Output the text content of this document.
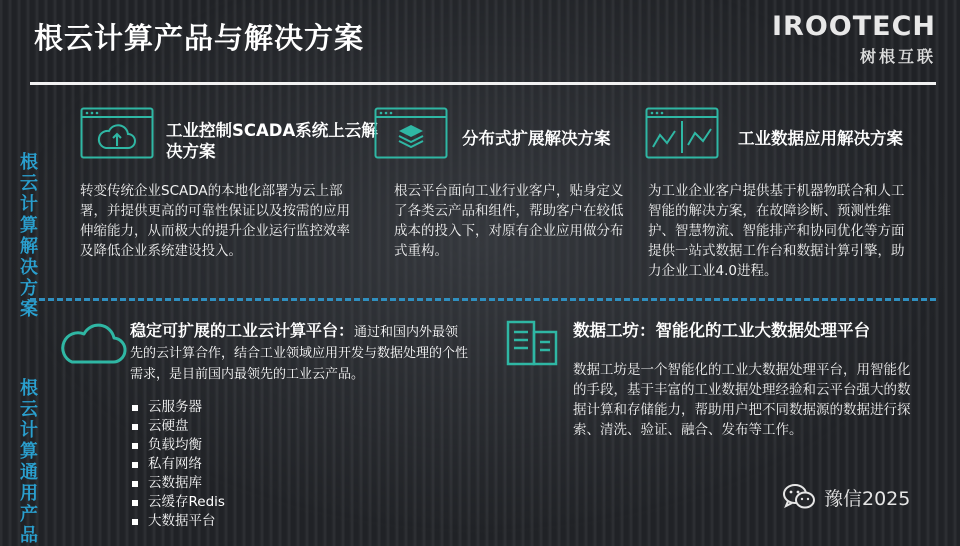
根云计算产品与解决方案	IROOTECH
树根互联
根云计算解决方案
根云计算通用产品
工业控制SCADA系统上云解决方案
转变传统企业SCADA的本地化部署为云上部署，并提供更高的可靠性保证以及按需的应用伸缩能力，从而极大的提升企业运行监控效率及降低企业系统建设投入。
分布式扩展解决方案
根云平台面向工业行业客户，贴身定义了各类云产品和组件，帮助客户在较低成本的投入下，对原有企业应用做分布式重构。
工业数据应用解决方案
为工业企业客户提供基于机器物联合和人工智能的解决方案，在故障诊断、预测性维护、智慧物流、智能排产和协同优化等方面提供一站式数据工作台和数据计算引擎，助力企业工业4.0进程。
稳定可扩展的工业云计算平台：通过和国内外最领先的云计算合作，结合工业领域应用开发与数据处理的个性需求，是目前国内最领先的工业云产品。
云服务器
云硬盘
负载均衡
私有网络
云数据库
云缓存Redis
大数据平台
数据工坊：智能化的工业大数据处理平台
数据工坊是一个智能化的工业大数据处理平台，用智能化的手段，基于丰富的工业数据处理经验和云平台强大的数据计算和存储能力，帮助用户把不同数据源的数据进行探索、清洗、验证、融合、发布等工作。
豫信2025
